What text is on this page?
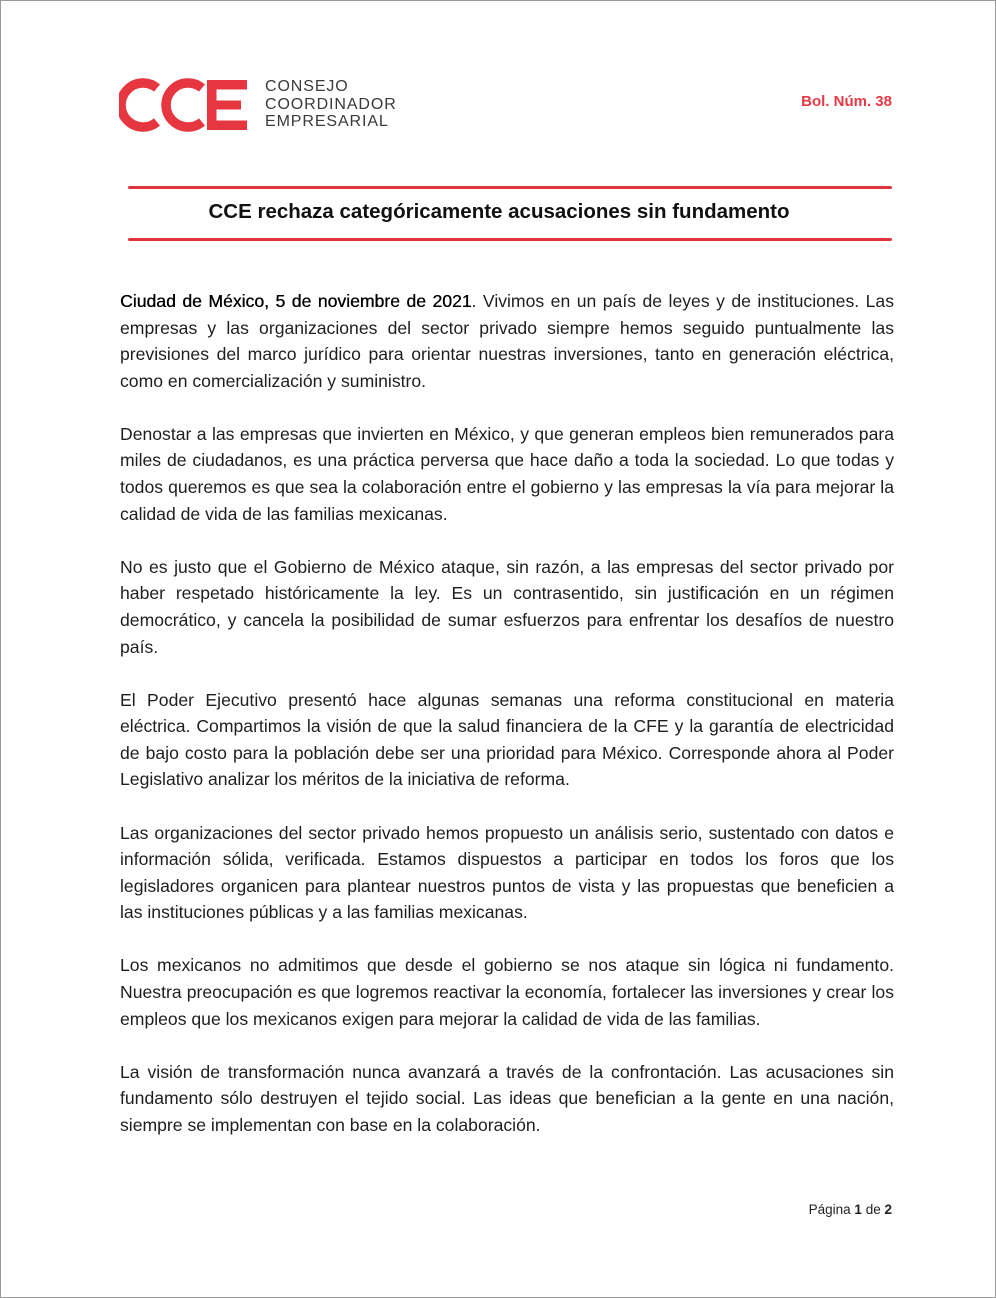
CONSEJO
COORDINADOR
EMPRESARIAL
Bol. Núm. 38
CCE rechaza categóricamente acusaciones sin fundamento

Ciudad de México, 5 de noviembre de 2021. Vivimos en un país de leyes y de instituciones. Las empresas y las organizaciones del sector privado siempre hemos seguido puntualmente las previsiones del marco jurídico para orientar nuestras inversiones, tanto en generación eléctrica, como en comercialización y suministro.

Denostar a las empresas que invierten en México, y que generan empleos bien remunerados para miles de ciudadanos, es una práctica perversa que hace daño a toda la sociedad. Lo que todas y todos queremos es que sea la colaboración entre el gobierno y las empresas la vía para mejorar la calidad de vida de las familias mexicanas.

No es justo que el Gobierno de México ataque, sin razón, a las empresas del sector privado por haber respetado históricamente la ley. Es un contrasentido, sin justificación en un régimen democrático, y cancela la posibilidad de sumar esfuerzos para enfrentar los desafíos de nuestro país.

El Poder Ejecutivo presentó hace algunas semanas una reforma constitucional en materia eléctrica. Compartimos la visión de que la salud financiera de la CFE y la garantía de electricidad de bajo costo para la población debe ser una prioridad para México. Corresponde ahora al Poder Legislativo analizar los méritos de la iniciativa de reforma.

Las organizaciones del sector privado hemos propuesto un análisis serio, sustentado con datos e información sólida, verificada. Estamos dispuestos a participar en todos los foros que los legisladores organicen para plantear nuestros puntos de vista y las propuestas que beneficien a las instituciones públicas y a las familias mexicanas.

Los mexicanos no admitimos que desde el gobierno se nos ataque sin lógica ni fundamento. Nuestra preocupación es que logremos reactivar la economía, fortalecer las inversiones y crear los empleos que los mexicanos exigen para mejorar la calidad de vida de las familias.

La visión de transformación nunca avanzará a través de la confrontación. Las acusaciones sin fundamento sólo destruyen el tejido social. Las ideas que benefician a la gente en una nación, siempre se implementan con base en la colaboración.

Página 1 de 2
